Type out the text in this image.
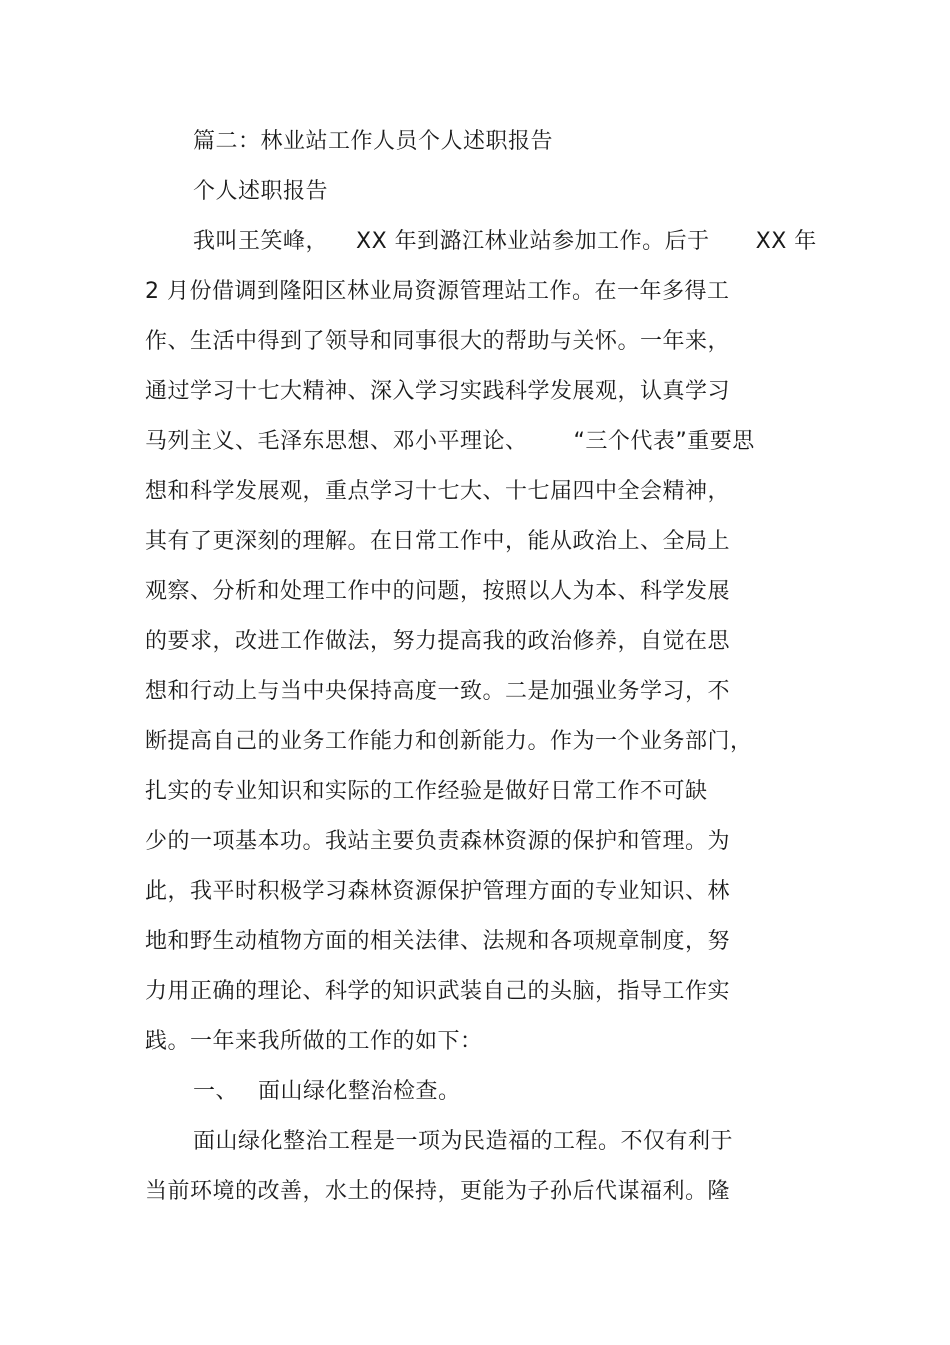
篇二：林业站工作人员个人述职报告
个人述职报告
我叫王笑峰， XX 年到潞江林业站参加工作。后于 XX 年
2 月份借调到隆阳区林业局资源管理站工作。在一年多得工
作、生活中得到了领导和同事很大的帮助与关怀。一年来，
通过学习十七大精神、深入学习实践科学发展观，认真学习
马列主义、毛泽东思想、邓小平理论、 “三个代表”重要思
想和科学发展观，重点学习十七大、十七届四中全会精神，
其有了更深刻的理解。在日常工作中，能从政治上、全局上
观察、分析和处理工作中的问题，按照以人为本、科学发展
的要求，改进工作做法，努力提高我的政治修养，自觉在思
想和行动上与当中央保持高度一致。二是加强业务学习，不
断提高自己的业务工作能力和创新能力。作为一个业务部门，
扎实的专业知识和实际的工作经验是做好日常工作不可缺
少的一项基本功。我站主要负责森林资源的保护和管理。为
此，我平时积极学习森林资源保护管理方面的专业知识、林
地和野生动植物方面的相关法律、法规和各项规章制度，努
力用正确的理论、科学的知识武装自己的头脑，指导工作实
践。一年来我所做的工作的如下：
一、 面山绿化整治检查。
面山绿化整治工程是一项为民造福的工程。不仅有利于
当前环境的改善，水土的保持，更能为子孙后代谋福利。隆
